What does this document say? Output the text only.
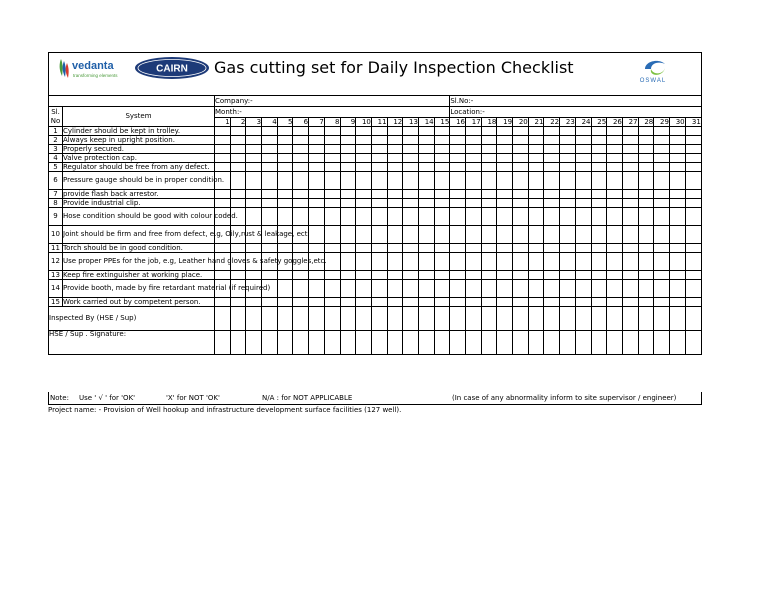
vedanta
transforming elements
CAIRN Gas cutting set for Daily Inspection Checklist
OSWAL																																

		Company:-															Sl.No:-															
Sl. No	System	Month:-															Location:-															
		1	2	3	4	5	6	7	8	9	10	11	12	13	14	15	16	17	18	19	20	21	22	23	24	25	26	27	28	29	30	31
1	Cylinder should be kept in trolley.																															
2	Always keep in upright position.																															
3	Properly secured.																															
4	Valve protection cap.																															
5	Regulator should be free from any defect.																															
6	Pressure gauge should be in proper condition.																															
7	provide flash back arrestor.																															
8	Provide industrial clip.																															
9	Hose condition should be good with colour coded.																															
10	Joint should be firm and free from defect, e.g, Oily,rust & leakage, ect.																															
11	Torch should be in good condition.																															
12	Use proper PPEs for the job, e.g, Leather hand gloves & safety goggles,etc.																															
13	Keep fire extinguisher at working place.																															
14	Provide booth, made by fire retardant material (if required)																															
15	Work carried out by competent person.																															
Inspected By (HSE / Sup)																																
HSE / Sup . Signature:																																
Note: Use ' √ ' for 'OK'	'X' for NOT 'OK'	N/A : for NOT APPLICABLE	(In case of any abnormality inform to site supervisor / engineer)
Project name: - Provision of Well hookup and infrastructure development surface facilities (127 well).
